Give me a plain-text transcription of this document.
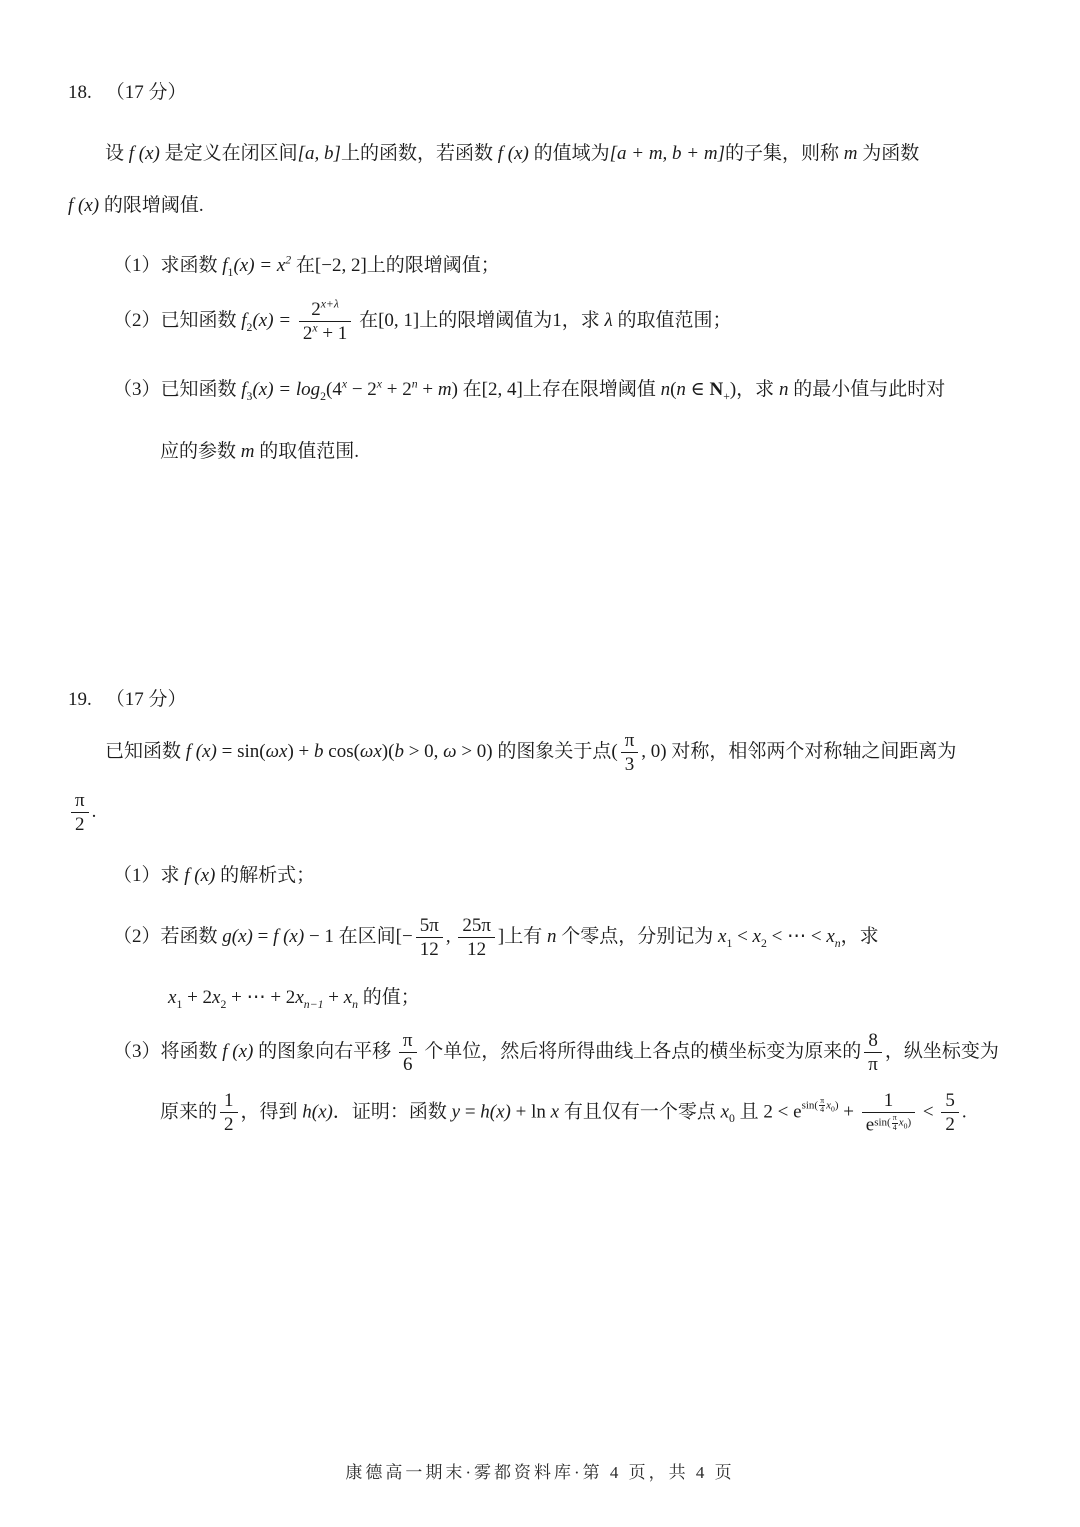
18. （17 分）
设 f (x) 是定义在闭区间[a, b]上的函数，若函数 f (x) 的值域为[a + m, b + m]的子集，则称 m 为函数
f (x) 的限增阈值.
（1）求函数 $f_1(x) = x^2$ 在[−2, 2]上的限增阈值；
（2）已知函数 $f_2(x) = \frac{2^{x+\lambda}}{2^x + 1}$ 在[0, 1]上的限增阈值为1，求 λ 的取值范围；
（3）已知函数 $f_3(x) = \log_2(4^x - 2^x + 2^n + m)$ 在[2, 4]上存在限增阈值 n(n ∈ $N_+$)，求 n 的最小值与此时对
应的参数 m 的取值范围.
19. （17 分）
已知函数 f (x) = sin(ωx) + b cos(ωx)(b > 0, ω > 0) 的图象关于点( $\frac{\pi}{3}$ , 0) 对称，相邻两个对称轴之间距离为
$\frac{\pi}{2}$ .
（1）求 f (x) 的解析式；
（2）若函数 g(x) = f (x) − 1 在区间[− $\frac{5\pi}{12}$ , $\frac{25\pi}{12}$ ]上有 n 个零点，分别记为 $x_1 < x_2$ < ⋯ < $x_n$，求
$x_1 + 2x_2$ + ⋯ + $2x_{n-1} + x_n$ 的值；
（3）将函数 f (x) 的图象向右平移 $\frac{\pi}{6}$ 个单位，然后将所得曲线上各点的横坐标变为原来的 $\frac{8}{\pi}$ ，纵坐标变为
原来的 $\frac{1}{2}$ ，得到 h(x)．证明：函数 y = h(x) + ln x 有且仅有一个零点 $x_0$ 且 $2 < e^{sin( \frac{\pi}{4} x_0)} + 1$
$e^{sin( \frac{\pi}{4} x_0)} < \frac{5}{2}$ .
康德高一期末·雾都资料库·第 4 页，共 4 页
